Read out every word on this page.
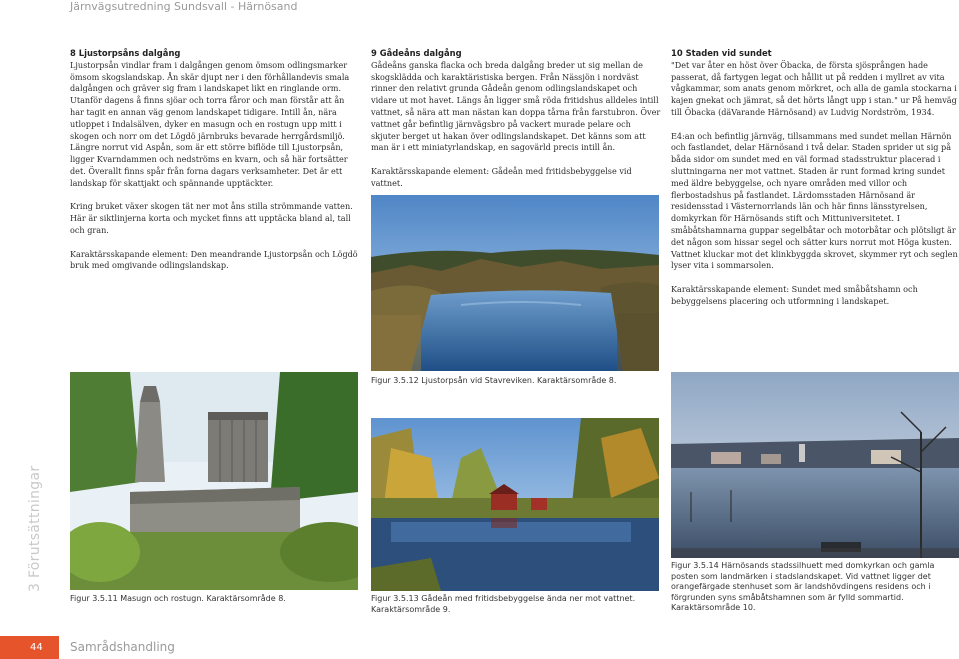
Järnvägsutredning Sundsvall - Härnösand
8 Ljustorpsåns dalgång

Ljustorpsån vindlar fram i dalgången genom ömsom odlingsmarker ömsom skogslandskap. Ån skär djupt ner i den förhållandevis smala dalgången och gräver sig fram i landskapet likt en ringlande orm. Utanför dagens å finns sjöar och torra fåror och man förstår att ån har tagit en annan väg genom landskapet tidigare. Intill ån, nära utloppet i Indalsälven, dyker en masugn och en rostugn upp mitt i skogen och norr om det Lögdö järnbruks bevarade herrgårdsmiljö. Längre norrut vid Aspån, som är ett större biflöde till Ljustorpsån, ligger Kvarndammen och nedströms en kvarn, och så här fortsätter det. Överallt finns spår från forna dagars verksamheter. Det är ett landskap för skattjakt och spännande upptäckter.

Kring bruket växer skogen tät ner mot åns stilla strömmande vatten. Här är siktlinjerna korta och mycket finns att upptäcka bland al, tall och gran.

Karaktärsskapande element: Den meandrande Ljustorpsån och Lögdö bruk med omgivande odlingslandskap.

9 Gådeåns dalgång

Gådeåns ganska flacka och breda dalgång breder ut sig mellan de skogsklädda och karaktäristiska bergen. Från Nässjön i nordväst rinner den relativt grunda Gådeån genom odlingslandskapet och vidare ut mot havet. Längs ån ligger små röda fritidshus alldeles intill vattnet, så nära att man nästan kan doppa tårna från farstubron. Över vattnet går befintlig järnvägsbro på vackert murade pelare och skjuter berget ut hakan över odlingslandskapet. Det känns som att man är i ett miniatyrlandskap, en sagovärld precis intill ån.

Karaktärsskapande element: Gådeån med fritidsbebyggelse vid vattnet.

10 Staden vid sundet

"Det var åter en höst över Öbacka, de första sjösprången hade passerat, då fartygen legat och hållit ut på redden i myllret av vita vågkammar, som anats genom mörkret, och alla de gamla stockarna i kajen gnekat och jämrat, så det hörts långt upp i stan." ur På hemväg till Öbacka (däVarande Härnösand) av Ludvig Nordström, 1934.

E4:an och befintlig järnväg, tillsammans med sundet mellan Härnön och fastlandet, delar Härnösand i två delar. Staden sprider ut sig på båda sidor om sundet med en väl formad stadsstruktur placerad i sluttningarna ner mot vattnet. Staden är runt formad kring sundet med äldre bebyggelse, och nyare områden med villor och flerbostadshus på fastlandet. Lärdomsstaden Härnösand är residensstad i Västernorrlands län och här finns länsstyrelsen, domkyrkan för Härnösands stift och Mittuniversitetet. I småbåtshamnarna guppar segelbåtar och motorbåtar och plötsligt är det någon som hissar segel och sätter kurs norrut mot Höga kusten. Vattnet kluckar mot det klinkbyggda skrovet, skymmer ryt och seglen lyser vita i sommarsolen.

Karaktärsskapande element: Sundet med småbåtshamn och bebyggelsens placering och utformning i landskapet.

Figur 3.5.12 Ljustorpsån vid Stavreviken. Karaktärsområde 8.
Figur 3.5.11 Masugn och rostugn. Karaktärsområde 8.	Figur 3.5.13 Gådeån med fritidsbebyggelse ända ner mot vattnet. Karaktärsområde 9.
Figur 3.5.14 Härnösands stadssilhuett med domkyrkan och gamla posten som landmärken i stadslandskapet. Vid vattnet ligger det orangefärgade stenhuset som är landshövdingens residens och i förgrunden syns småbåtshamnen som är fylld sommartid. Karaktärsområde 10.
3 Förutsättningar
44 Samrådshandling
